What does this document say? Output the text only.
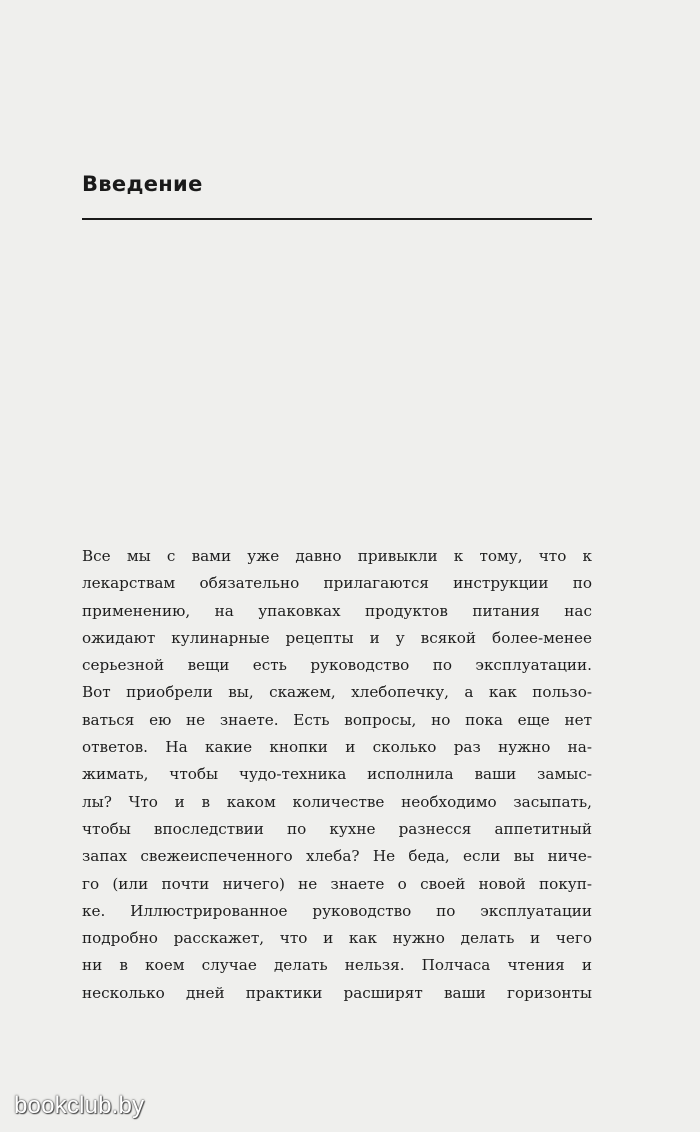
Введение
Все мы с вами уже давно привыкли к тому, что к
лекарствам обязательно прилагаются инструкции по
применению, на упаковках продуктов питания нас
ожидают кулинарные рецепты и у всякой более-менее
серьезной вещи есть руководство по эксплуатации.
Вот приобрели вы, скажем, хлебопечку, а как пользо-
ваться ею не знаете. Есть вопросы, но пока еще нет
ответов. На какие кнопки и сколько раз нужно на-
жимать, чтобы чудо-техника исполнила ваши замыс-
лы? Что и в каком количестве необходимо засыпать,
чтобы впоследствии по кухне разнесся аппетитный
запах свежеиспеченного хлеба? Не беда, если вы ниче-
го (или почти ничего) не знаете о своей новой покуп-
ке. Иллюстрированное руководство по эксплуатации
подробно расскажет, что и как нужно делать и чего
ни в коем случае делать нельзя. Полчаса чтения и
несколько дней практики расширят ваши горизонты
bookclub.by
